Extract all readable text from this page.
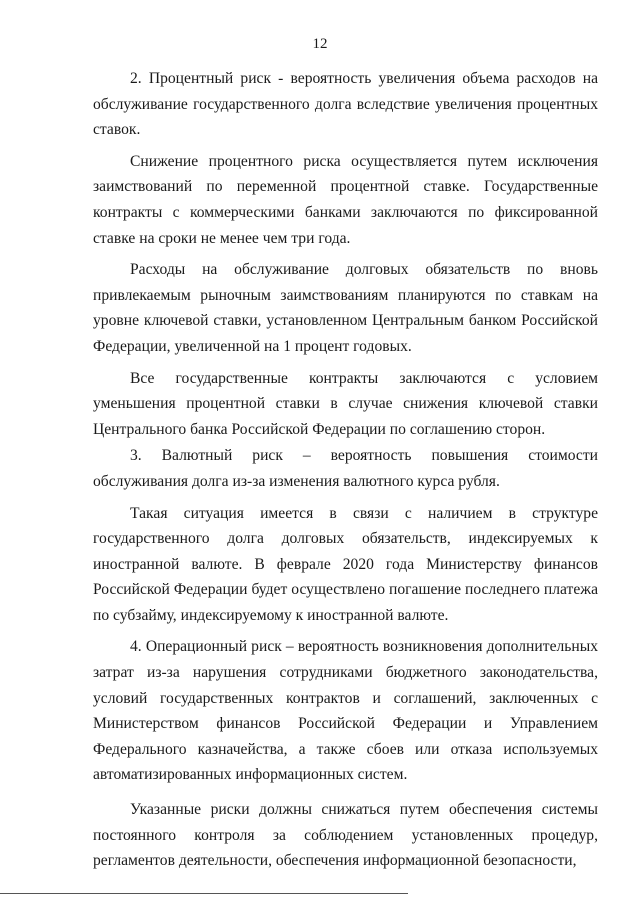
12

2. Процентный риск - вероятность увеличения объема расходов на обслуживание государственного долга вследствие увеличения процентных ставок.

Снижение процентного риска осуществляется путем исключения заимствований по переменной процентной ставке. Государственные контракты с коммерческими банками заключаются по фиксированной ставке на сроки не менее чем три года.

Расходы на обслуживание долговых обязательств по вновь привлекаемым рыночным заимствованиям планируются по ставкам на уровне ключевой ставки, установленном Центральным банком Российской Федерации, увеличенной на 1 процент годовых.

Все государственные контракты заключаются с условием уменьшения процентной ставки в случае снижения ключевой ставки Центрального банка Российской Федерации по соглашению сторон.

3. Валютный риск – вероятность повышения стоимости обслуживания долга из-за изменения валютного курса рубля.

Такая ситуация имеется в связи с наличием в структуре государственного долга долговых обязательств, индексируемых к иностранной валюте. В феврале 2020 года Министерству финансов Российской Федерации будет осуществлено погашение последнего платежа по субзайму, индексируемому к иностранной валюте.

4. Операционный риск – вероятность возникновения дополнительных затрат из-за нарушения сотрудниками бюджетного законодательства, условий государственных контрактов и соглашений, заключенных с Министерством финансов Российской Федерации и Управлением Федерального казначейства, а также сбоев или отказа используемых автоматизированных информационных систем.

Указанные риски должны снижаться путем обеспечения системы постоянного контроля за соблюдением установленных процедур, регламентов деятельности, обеспечения информационной безопасности,
